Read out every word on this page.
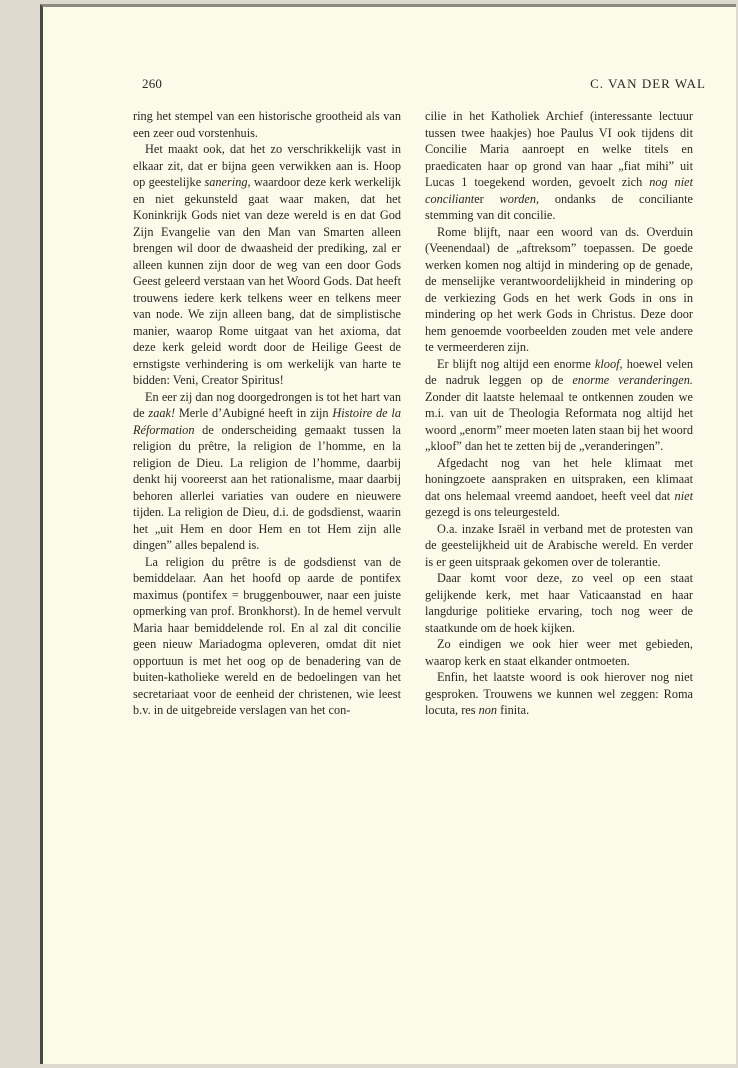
260	C. VAN DER WAL

ring het stempel van een historische grootheid als van een zeer oud vorstenhuis.

Het maakt ook, dat het zo verschrikkelijk vast in elkaar zit, dat er bijna geen verwikken aan is. Hoop op geestelijke sanering, waardoor deze kerk werkelijk en niet gekunsteld gaat waar maken, dat het Koninkrijk Gods niet van deze wereld is en dat God Zijn Evangelie van den Man van Smarten alleen brengen wil door de dwaasheid der prediking, zal er alleen kunnen zijn door de weg van een door Gods Geest geleerd verstaan van het Woord Gods. Dat heeft trouwens iedere kerk telkens weer en telkens meer van node. We zijn alleen bang, dat de simplistische manier, waarop Rome uitgaat van het axioma, dat deze kerk geleid wordt door de Heilige Geest de ernstigste verhindering is om werkelijk van harte te bidden: Veni, Creator Spiritus!

En eer zij dan nog doorgedrongen is tot het hart van de zaak! Merle d’Aubigné heeft in zijn Histoire de la Réformation de onderscheiding gemaakt tussen la religion du prêtre, la religion de l’homme, en la religion de Dieu. La religion de l’homme, daarbij denkt hij vooreerst aan het rationalisme, maar daarbij behoren allerlei variaties van oudere en nieuwere tijden. La religion de Dieu, d.i. de godsdienst, waarin het „uit Hem en door Hem en tot Hem zijn alle dingen” alles bepalend is.

La religion du prêtre is de godsdienst van de bemiddelaar. Aan het hoofd op aarde de pontifex maximus (pontifex = bruggenbouwer, naar een juiste opmerking van prof. Bronkhorst). In de hemel vervult Maria haar bemiddelende rol. En al zal dit concilie geen nieuw Mariadogma opleveren, omdat dit niet opportuun is met het oog op de benadering van de buiten-katholieke wereld en de bedoelingen van het secretariaat voor de eenheid der christenen, wie leest b.v. in de uitgebreide verslagen van het con-

cilie in het Katholiek Archief (interessante lectuur tussen twee haakjes) hoe Paulus VI ook tijdens dit Concilie Maria aanroept en welke titels en praedicaten haar op grond van haar „fiat mihi” uit Lucas 1 toegekend worden, gevoelt zich nog niet concilianter worden, ondanks de conciliante stemming van dit concilie.

Rome blijft, naar een woord van ds. Overduin (Veenendaal) de „aftreksom” toepassen. De goede werken komen nog altijd in mindering op de genade, de menselijke verantwoordelijkheid in mindering op de verkiezing Gods en het werk Gods in ons in mindering op het werk Gods in Christus. Deze door hem genoemde voorbeelden zouden met vele andere te vermeerderen zijn.

Er blijft nog altijd een enorme kloof, hoewel velen de nadruk leggen op de enorme veranderingen. Zonder dit laatste helemaal te ontkennen zouden we m.i. van uit de Theologia Reformata nog altijd het woord „enorm” meer moeten laten staan bij het woord „kloof” dan het te zetten bij de „veranderingen”.

Afgedacht nog van het hele klimaat met honingzoete aanspraken en uitspraken, een klimaat dat ons helemaal vreemd aandoet, heeft veel dat niet gezegd is ons teleurgesteld.

O.a. inzake Israël in verband met de protesten van de geestelijkheid uit de Arabische wereld. En verder is er geen uitspraak gekomen over de tolerantie.

Daar komt voor deze, zo veel op een staat gelijkende kerk, met haar Vaticaanstad en haar langdurige politieke ervaring, toch nog weer de staatkunde om de hoek kijken.

Zo eindigen we ook hier weer met gebieden, waarop kerk en staat elkander ontmoeten.

Enfin, het laatste woord is ook hierover nog niet gesproken. Trouwens we kunnen wel zeggen: Roma locuta, res non finita.
